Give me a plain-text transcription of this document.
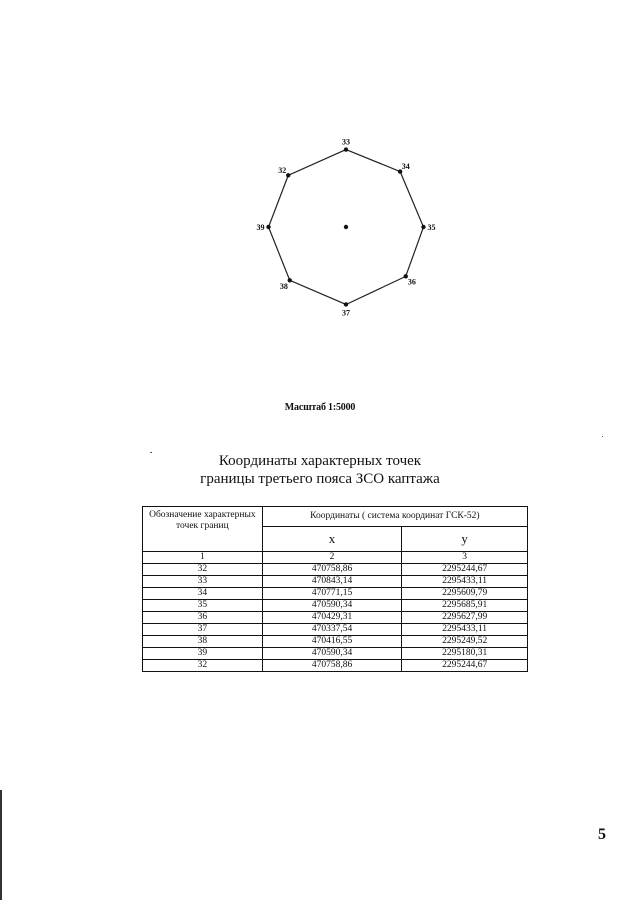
33
34
35
36
37
38
39
32
Масштаб 1:5000
Координаты характерных точек
границы третьего пояса ЗСО каптажа
Обозначение характерных точек границ	Координаты ( система координат ГСК-52)	
	x	y
1	2	3
32	470758,86	2295244,67
33	470843,14	2295433,11
34	470771,15	2295609,79
35	470590,34	2295685,91
36	470429,31	2295627,99
37	470337,54	2295433,11
38	470416,55	2295249,52
39	470590,34	2295180,31
32	470758,86	2295244,67
5
